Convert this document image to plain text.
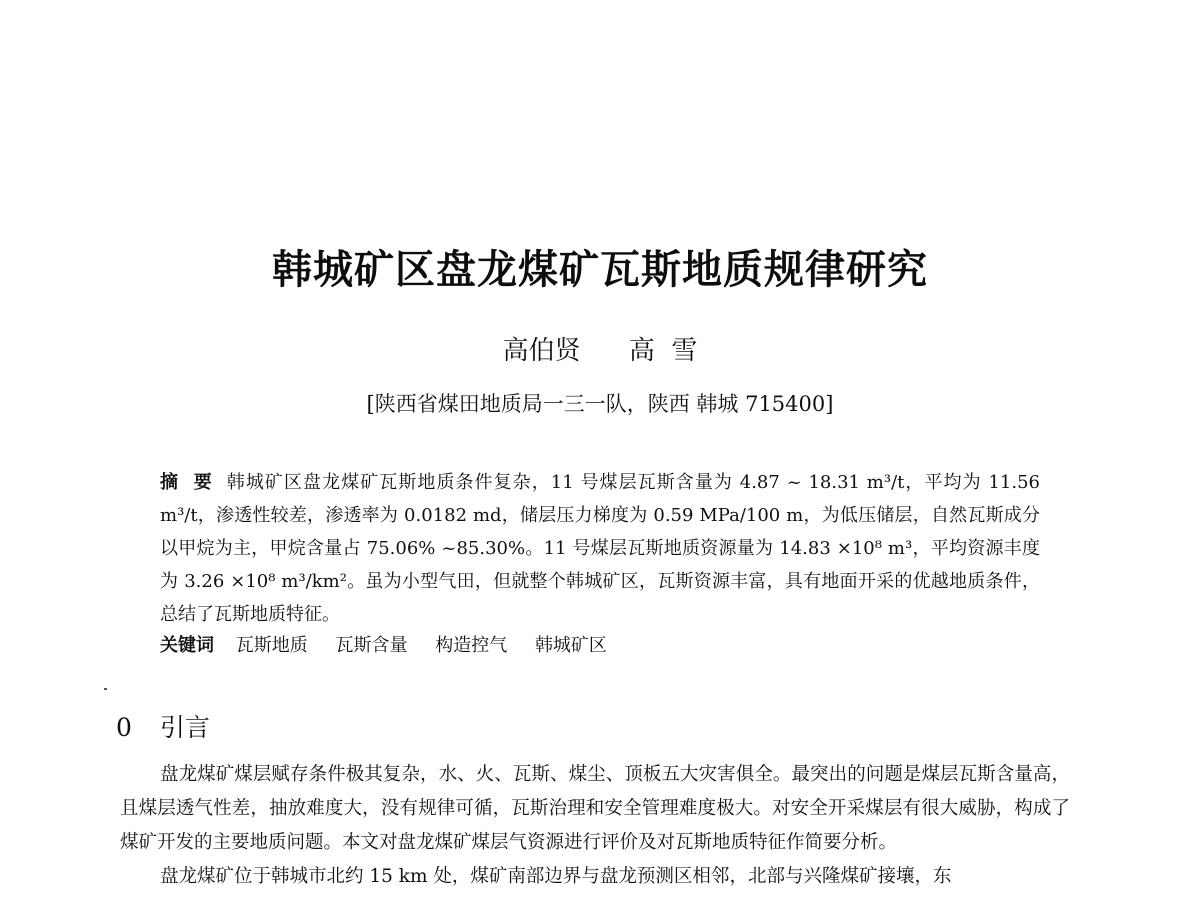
韩城矿区盘龙煤矿瓦斯地质规律研究
高伯贤 高  雪
[陕西省煤田地质局一三一队，陕西 韩城 715400]
摘  要 韩城矿区盘龙煤矿瓦斯地质条件复杂，11 号煤层瓦斯含量为 4.87 ~ 18.31 m³/t，平均为 11.56 m³/t，渗透性较差，渗透率为 0.0182 md，储层压力梯度为 0.59 MPa/100 m，为低压储层，自然瓦斯成分以甲烷为主，甲烷含量占 75.06% ~85.30%。11 号煤层瓦斯地质资源量为 14.83 ×10⁸ m³，平均资源丰度为 3.26 ×10⁸ m³/km²。虽为小型气田，但就整个韩城矿区，瓦斯资源丰富，具有地面开采的优越地质条件，总结了瓦斯地质特征。
关键词 瓦斯地质 瓦斯含量 构造控气 韩城矿区
0 引言

盘龙煤矿煤层赋存条件极其复杂，水、火、瓦斯、煤尘、顶板五大灾害俱全。最突出的问题是煤层瓦斯含量高，且煤层透气性差，抽放难度大，没有规律可循，瓦斯治理和安全管理难度极大。对安全开采煤层有很大威胁，构成了煤矿开发的主要地质问题。本文对盘龙煤矿煤层气资源进行评价及对瓦斯地质特征作简要分析。

盘龙煤矿位于韩城市北约 15 km 处，煤矿南部边界与盘龙预测区相邻，北部与兴隆煤矿接壤，东
